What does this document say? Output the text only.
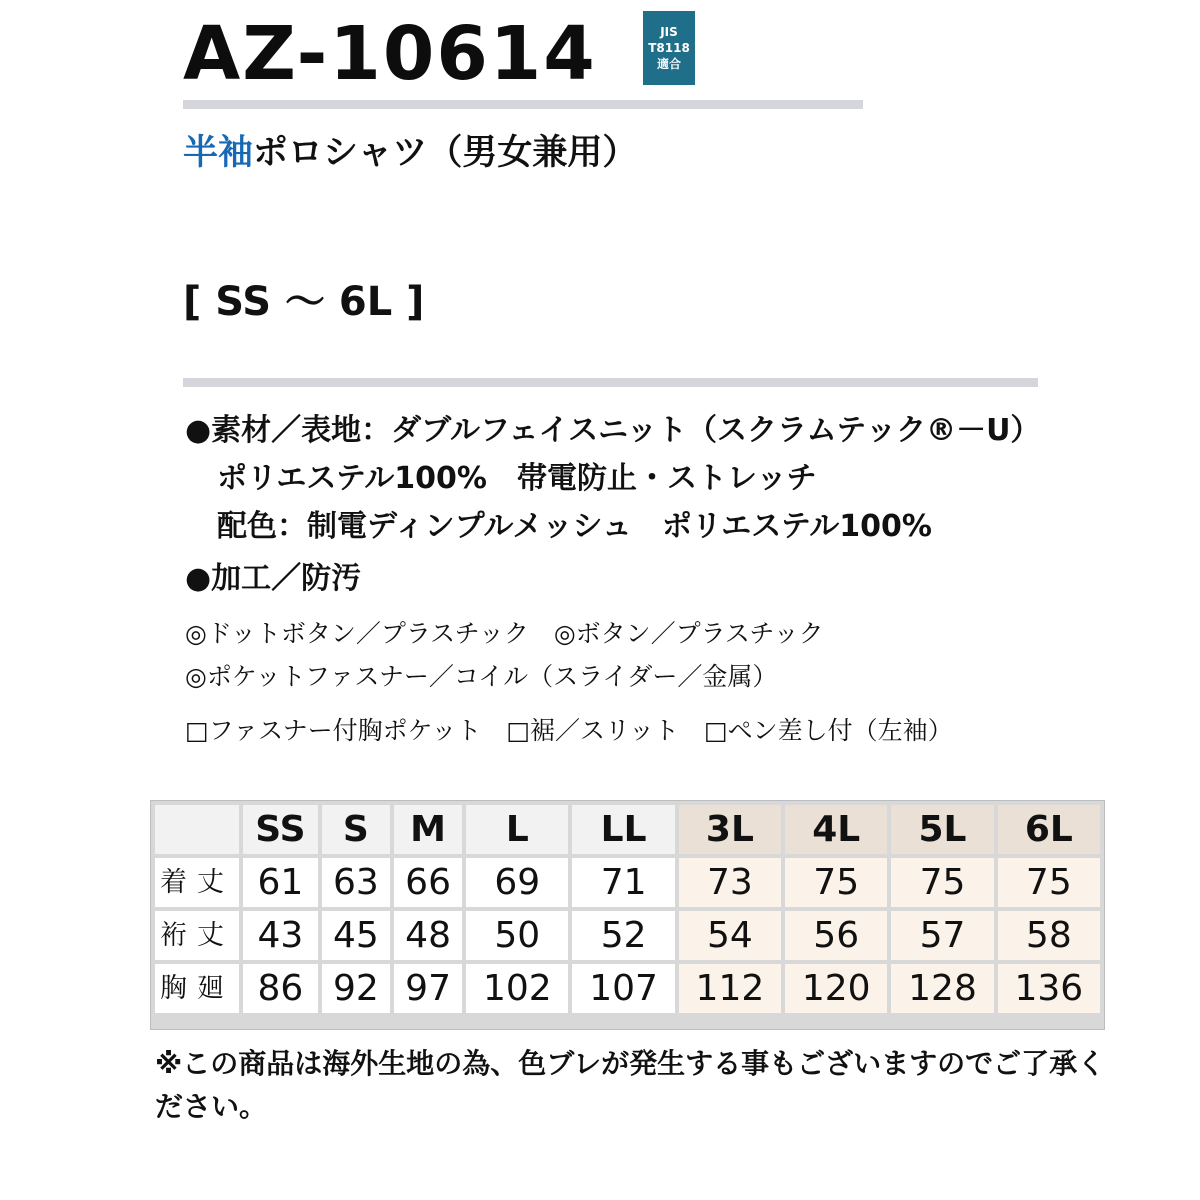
AZ-10614	JIS
T8118
適合
半袖ポロシャツ（男女兼用）
[ SS ～ 6L ]
●素材／表地：ダブルフェイスニット（スクラムテック®－U）
ポリエステル100%　帯電防止・ストレッチ
配色：制電ディンプルメッシュ　ポリエステル100%
●加工／防汚
◎ドットボタン／プラスチック　◎ボタン／プラスチック
◎ポケットファスナー／コイル（スライダー／金属）
□ファスナー付胸ポケット　□裾／スリット　□ペン差し付（左袖）
	SS	S	M	L	LL	3L	4L	5L	6L
着丈	61	63	66	69	71	73	75	75	75
裄丈	43	45	48	50	52	54	56	57	58
胸廻	86	92	97	102	107	112	120	128	136
※この商品は海外生地の為、色ブレが発生する事もございますのでご了承ください。
